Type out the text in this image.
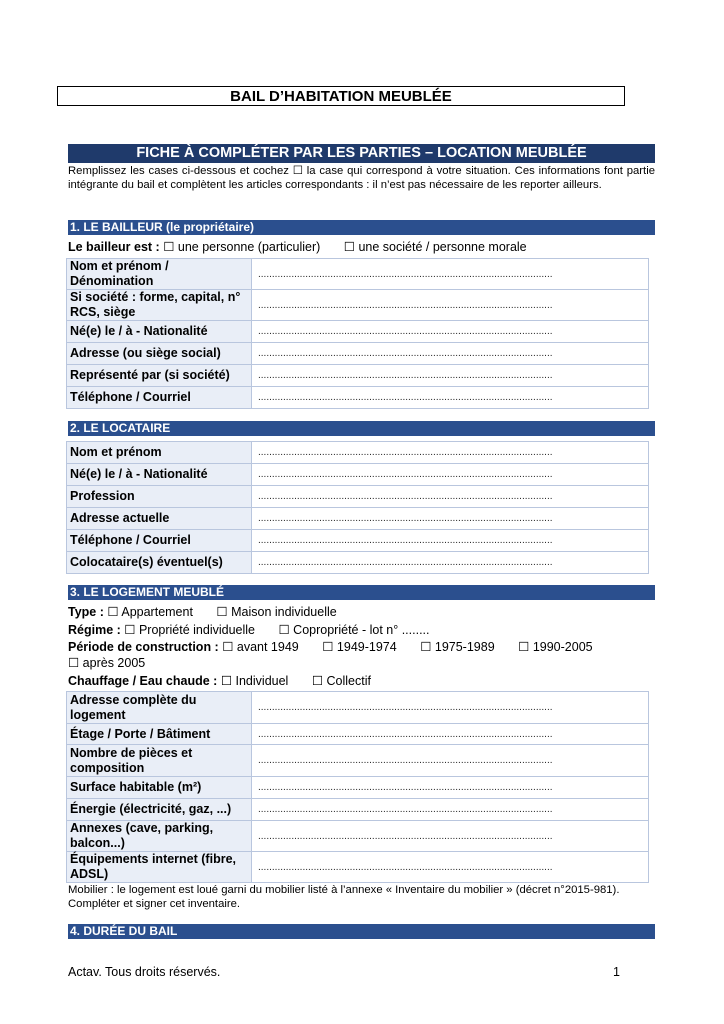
BAIL D’HABITATION MEUBLÉE
FICHE À COMPLÉTER PAR LES PARTIES – LOCATION MEUBLÉE
Remplissez les cases ci-dessous et cochez ☐ la case qui correspond à votre situation. Ces informations font partie intégrante du bail et complètent les articles correspondants : il n’est pas nécessaire de les reporter ailleurs.
1. LE BAILLEUR (le propriétaire)
Le bailleur est : ☐ une personne (particulier) ☐ une société / personne morale
Nom et prénom / Dénomination	..........................................................................................................
Si société : forme, capital, n° RCS, siège	..........................................................................................................
Né(e) le / à - Nationalité	..........................................................................................................
Adresse (ou siège social)	..........................................................................................................
Représenté par (si société)	..........................................................................................................
Téléphone / Courriel	..........................................................................................................
2. LE LOCATAIRE
Nom et prénom	..........................................................................................................
Né(e) le / à - Nationalité	..........................................................................................................
Profession	..........................................................................................................
Adresse actuelle	..........................................................................................................
Téléphone / Courriel	..........................................................................................................
Colocataire(s) éventuel(s)	..........................................................................................................
3. LE LOGEMENT MEUBLÉ
Type : ☐ Appartement ☐ Maison individuelle
Régime : ☐ Propriété individuelle ☐ Copropriété - lot n° ........
Période de construction : ☐ avant 1949 ☐ 1949-1974 ☐ 1975-1989 ☐ 1990-2005
☐ après 2005
Chauffage / Eau chaude : ☐ Individuel ☐ Collectif
Adresse complète du logement	..........................................................................................................
Étage / Porte / Bâtiment	..........................................................................................................
Nombre de pièces et composition	..........................................................................................................
Surface habitable (m²)	..........................................................................................................
Énergie (électricité, gaz, ...)	..........................................................................................................
Annexes (cave, parking, balcon...)	..........................................................................................................
Équipements internet (fibre, ADSL)	..........................................................................................................
Mobilier : le logement est loué garni du mobilier listé à l’annexe « Inventaire du mobilier » (décret n°2015-981). Compléter et signer cet inventaire.
4. DURÉE DU BAIL
Actav. Tous droits réservés.	1
